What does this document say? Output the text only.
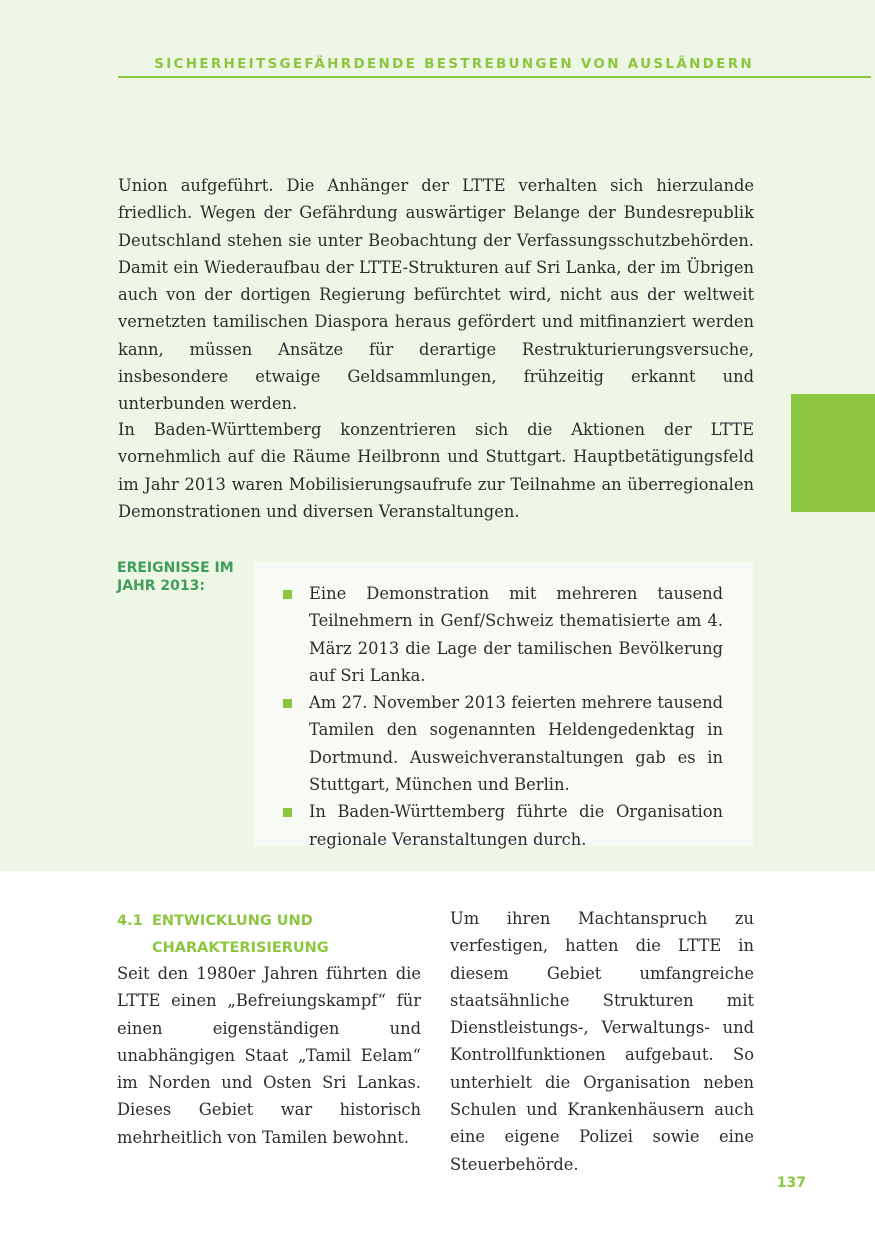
SICHERHEITSGEFÄHRDENDE BESTREBUNGEN VON AUSLÄNDERN

Union aufgeführt. Die Anhänger der LTTE verhalten sich hierzulande friedlich. Wegen der Gefährdung auswärtiger Belange der Bundesrepublik Deutschland stehen sie unter Beobachtung der Verfassungsschutzbehörden. Damit ein Wiederaufbau der LTTE-Strukturen auf Sri Lanka, der im Übrigen auch von der dortigen Regierung befürchtet wird, nicht aus der weltweit vernetzten tamilischen Diaspora heraus gefördert und mitfinanziert werden kann, müssen Ansätze für derartige Restrukturierungsversuche, insbesondere etwaige Geldsammlungen, frühzeitig erkannt und unterbunden werden.

In Baden-Württemberg konzentrieren sich die Aktionen der LTTE vornehmlich auf die Räume Heilbronn und Stuttgart. Hauptbetätigungsfeld im Jahr 2013 waren Mobilisierungsaufrufe zur Teilnahme an überregionalen Demonstrationen und diversen Veranstaltungen.

EREIGNISSE IM
JAHR 2013:	Eine Demonstration mit mehreren tausend Teilnehmern in Genf/Schweiz thematisierte am 4. März 2013 die Lage der tamilischen Bevölkerung auf Sri Lanka.
Am 27. November 2013 feierten mehrere tausend Tamilen den sogenannten Heldengedenktag in Dortmund. Ausweichveranstaltungen gab es in Stuttgart, München und Berlin.
In Baden-Württemberg führte die Organisation regionale Veranstaltungen durch.
4.1 ENTWICKLUNG UND
CHARAKTERISIERUNG

Seit den 1980er Jahren führten die LTTE einen „Befreiungskampf“ für einen eigenständigen und unabhängigen Staat „Tamil Eelam“ im Norden und Osten Sri Lankas. Dieses Gebiet war historisch mehrheitlich von Tamilen bewohnt.

Um ihren Machtanspruch zu verfestigen, hatten die LTTE in diesem Gebiet umfangreiche staatsähnliche Strukturen mit Dienstleistungs-, Verwaltungs- und Kontrollfunktionen aufgebaut. So unterhielt die Organisation neben Schulen und Krankenhäusern auch eine eigene Polizei sowie eine Steuerbehörde.

137
